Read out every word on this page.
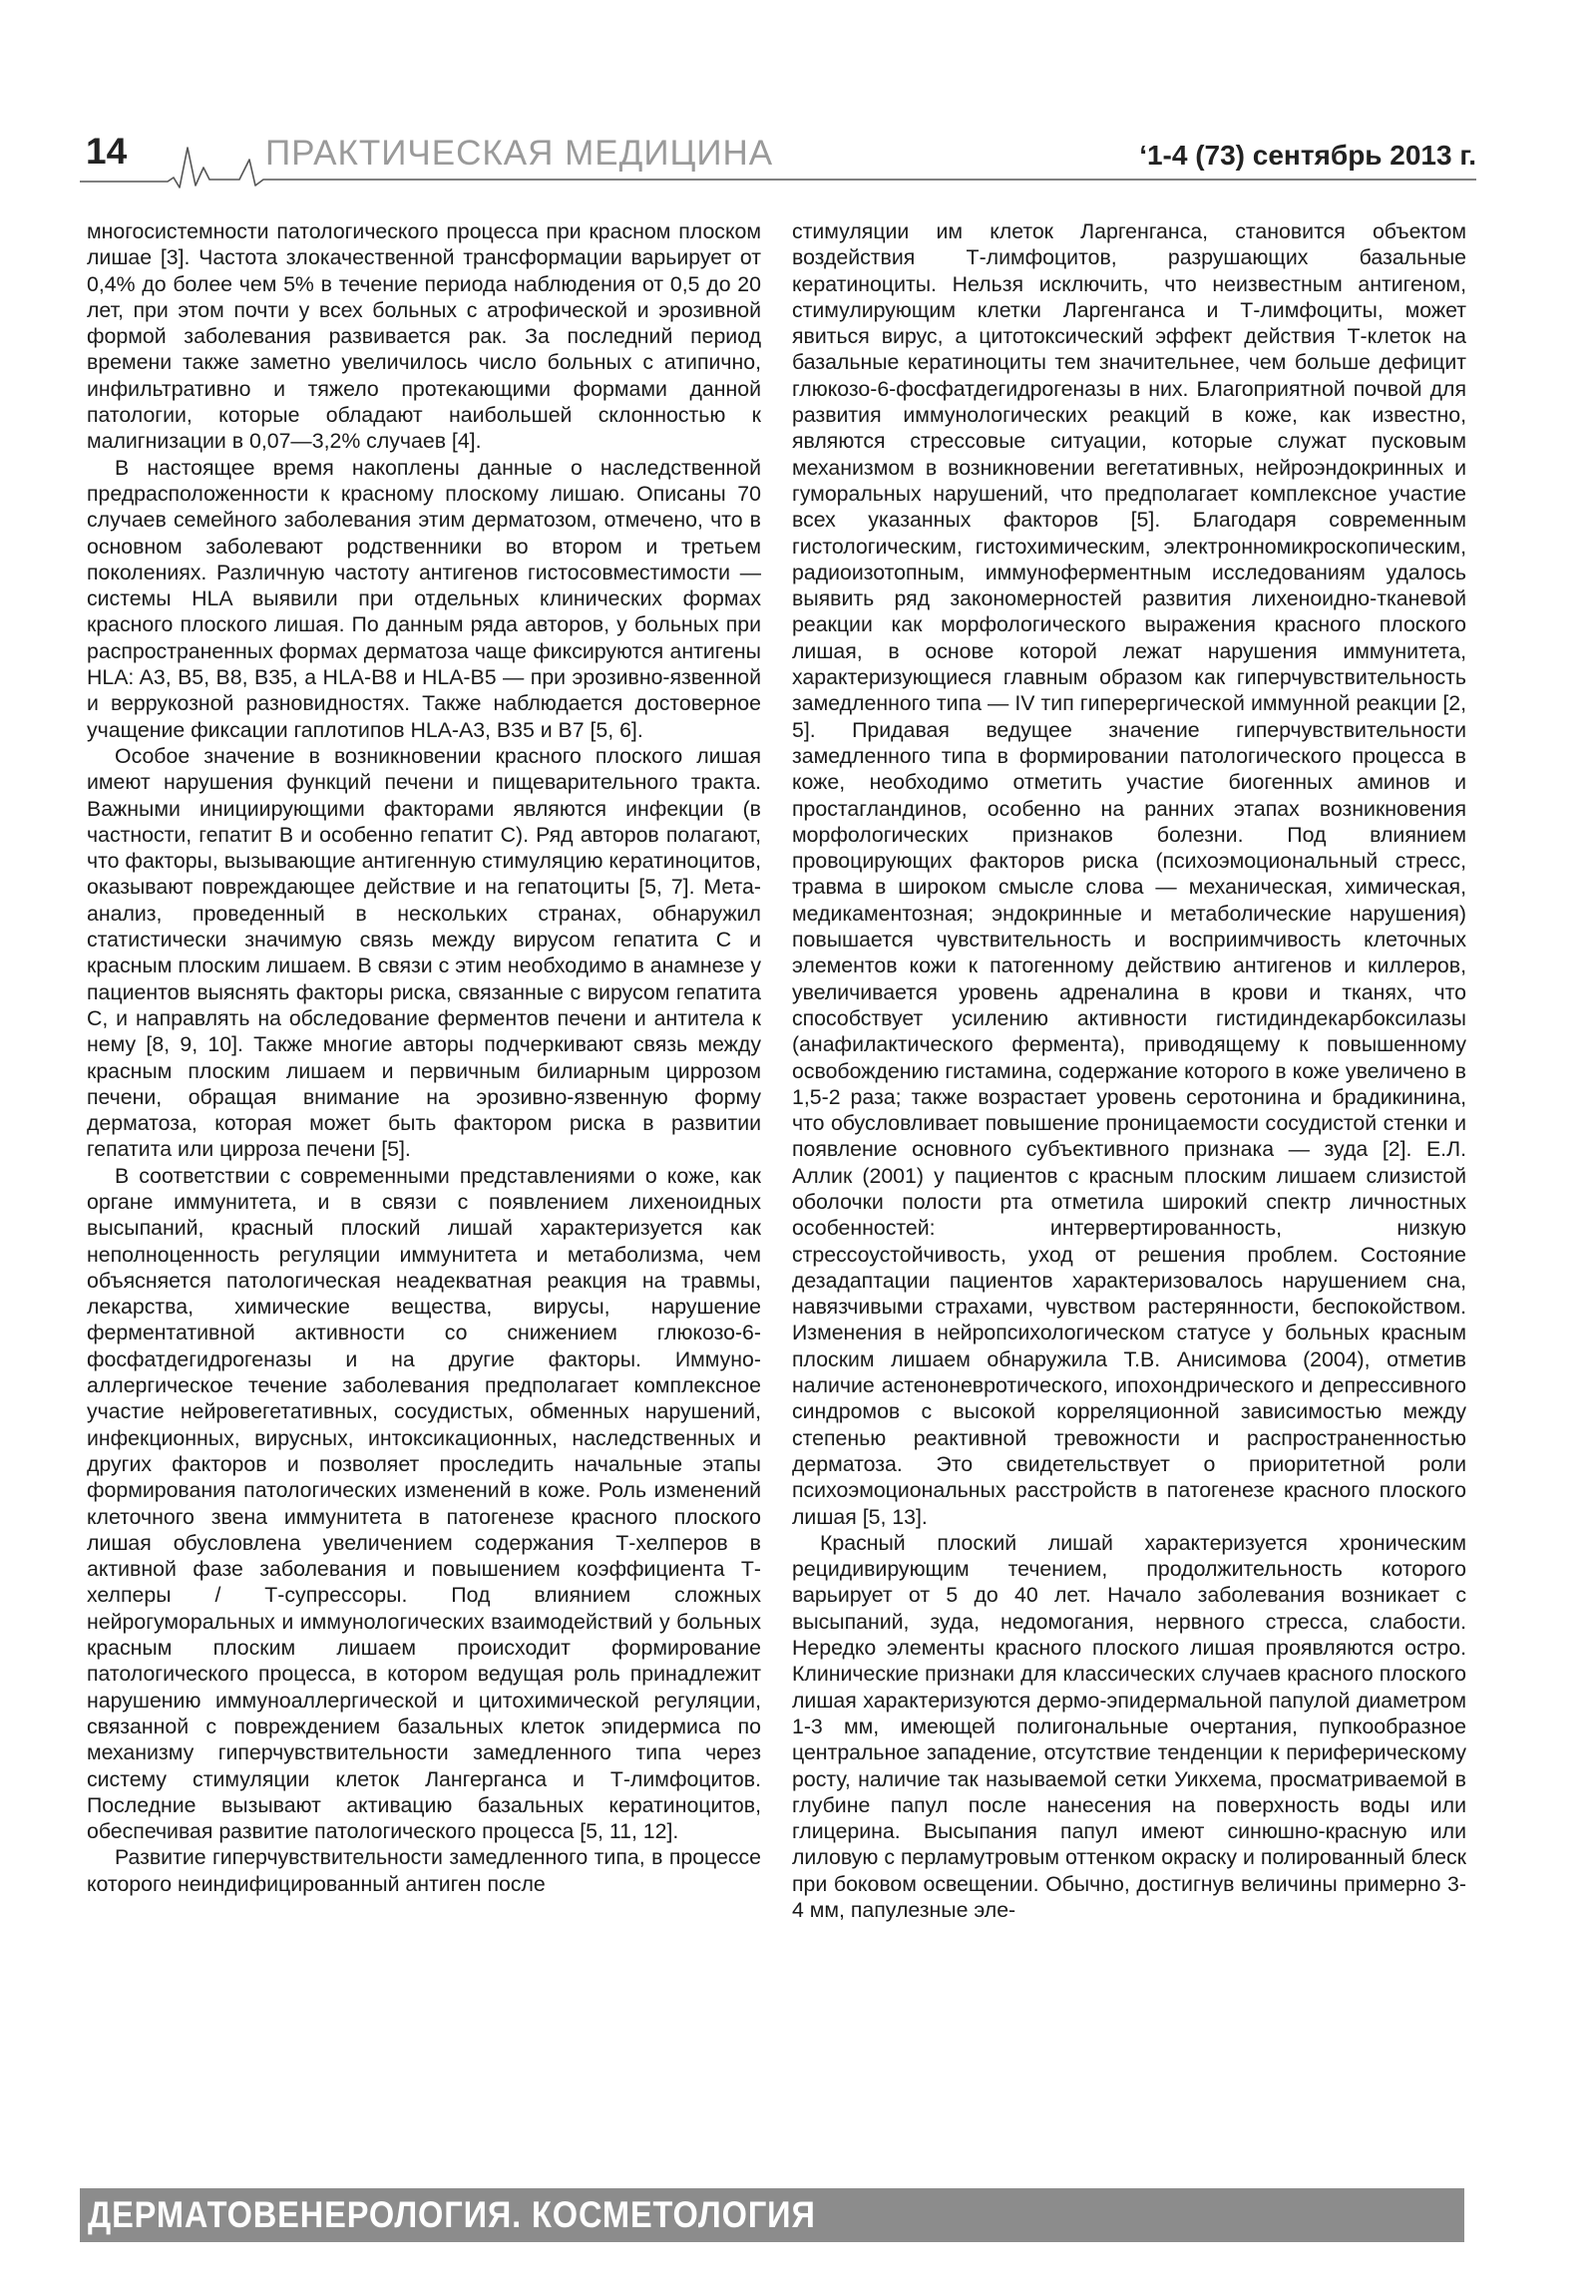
14	ПРАКТИЧЕСКАЯ МЕДИЦИНА	‘1-4 (73) сентябрь 2013 г.

многосистемности патологического процесса при красном плоском лишае [3]. Частота злокачественной трансформации варьирует от 0,4% до более чем 5% в течение периода наблюдения от 0,5 до 20 лет, при этом почти у всех больных с атрофической и эрозивной формой заболевания развивается рак. За последний период времени также заметно увеличилось число больных с атипично, инфильтративно и тяжело протекающими формами данной патологии, которые обладают наибольшей склонностью к малигнизации в 0,07—3,2% случаев [4].

В настоящее время накоплены данные о наследственной предрасположенности к красному плоскому лишаю. Описаны 70 случаев семейного заболевания этим дерматозом, отмечено, что в основном заболевают родственники во втором и третьем поколениях. Различную частоту антигенов гистосовместимости — системы HLA выявили при отдельных клинических формах красного плоского лишая. По данным ряда авторов, у больных при распространенных формах дерматоза чаще фиксируются антигены HLA: A3, B5, B8, B35, а HLA-B8 и HLA-B5 — при эрозивно-язвенной и веррукозной разновидностях. Также наблюдается достоверное учащение фиксации гаплотипов HLA-A3, B35 и B7 [5, 6].

Особое значение в возникновении красного плоского лишая имеют нарушения функций печени и пищеварительного тракта. Важными инициирующими факторами являются инфекции (в частности, гепатит В и особенно гепатит С). Ряд авторов полагают, что факторы, вызывающие антигенную стимуляцию кератиноцитов, оказывают повреждающее действие и на гепатоциты [5, 7]. Мета-анализ, проведенный в нескольких странах, обнаружил статистически значимую связь между вирусом гепатита С и красным плоским лишаем. В связи с этим необходимо в анамнезе у пациентов выяснять факторы риска, связанные с вирусом гепатита С, и направлять на обследование ферментов печени и антитела к нему [8, 9, 10]. Также многие авторы подчеркивают связь между красным плоским лишаем и первичным билиарным циррозом печени, обращая внимание на эрозивно-язвенную форму дерматоза, которая может быть фактором риска в развитии гепатита или цирроза печени [5].

В соответствии с современными представлениями о коже, как органе иммунитета, и в связи с появлением лихеноидных высыпаний, красный плоский лишай характеризуется как неполноценность регуляции иммунитета и метаболизма, чем объясняется патологическая неадекватная реакция на травмы, лекарства, химические вещества, вирусы, нарушение ферментативной активности со снижением глюкозо-6-фосфатдегидрогеназы и на другие факторы. Иммуно-аллергическое течение заболевания предполагает комплексное участие нейровегетативных, сосудистых, обменных нарушений, инфекционных, вирусных, интоксикационных, наследственных и других факторов и позволяет проследить начальные этапы формирования патологических изменений в коже. Роль изменений клеточного звена иммунитета в патогенезе красного плоского лишая обусловлена увеличением содержания Т-хелперов в активной фазе заболевания и повышением коэффициента Т-хелперы / Т-супрессоры. Под влиянием сложных нейрогуморальных и иммунологических взаимодействий у больных красным плоским лишаем происходит формирование патологического процесса, в котором ведущая роль принадлежит нарушению иммуноаллергической и цитохимической регуляции, связанной с повреждением базальных клеток эпидермиса по механизму гиперчувствительности замедленного типа через систему стимуляции клеток Лангерганса и Т-лимфоцитов. Последние вызывают активацию базальных кератиноцитов, обеспечивая развитие патологического процесса [5, 11, 12].

Развитие гиперчувствительности замедленного типа, в процессе которого неиндифицированный антиген после

стимуляции им клеток Ларгенганса, становится объектом воздействия Т-лимфоцитов, разрушающих базальные кератиноциты. Нельзя исключить, что неизвестным антигеном, стимулирующим клетки Ларгенганса и Т-лимфоциты, может явиться вирус, а цитотоксический эффект действия Т-клеток на базальные кератиноциты тем значительнее, чем больше дефицит глюкозо-6-фосфатдегидрогеназы в них. Благоприятной почвой для развития иммунологических реакций в коже, как известно, являются стрессовые ситуации, которые служат пусковым механизмом в возникновении вегетативных, нейроэндокринных и гуморальных нарушений, что предполагает комплексное участие всех указанных факторов [5]. Благодаря современным гистологическим, гистохимическим, электронномикроскопическим, радиоизотопным, иммуноферментным исследованиям удалось выявить ряд закономерностей развития лихеноидно-тканевой реакции как морфологического выражения красного плоского лишая, в основе которой лежат нарушения иммунитета, характеризующиеся главным образом как гиперчувствительность замедленного типа — IV тип гиперергической иммунной реакции [2, 5]. Придавая ведущее значение гиперчувствительности замедленного типа в формировании патологического процесса в коже, необходимо отметить участие биогенных аминов и простагландинов, особенно на ранних этапах возникновения морфологических признаков болезни. Под влиянием провоцирующих факторов риска (психоэмоциональный стресс, травма в широком смысле слова — механическая, химическая, медикаментозная; эндокринные и метаболические нарушения) повышается чувствительность и восприимчивость клеточных элементов кожи к патогенному действию антигенов и киллеров, увеличивается уровень адреналина в крови и тканях, что способствует усилению активности гистидиндекарбоксилазы (анафилактического фермента), приводящему к повышенному освобождению гистамина, содержание которого в коже увеличено в 1,5-2 раза; также возрастает уровень серотонина и брадикинина, что обусловливает повышение проницаемости сосудистой стенки и появление основного субъективного признака — зуда [2]. Е.Л. Аллик (2001) у пациентов с красным плоским лишаем слизистой оболочки полости рта отметила широкий спектр личностных особенностей: интервертированность, низкую стрессоустойчивость, уход от решения проблем. Состояние дезадаптации пациентов характеризовалось нарушением сна, навязчивыми страхами, чувством растерянности, беспокойством. Изменения в нейропсихологическом статусе у больных красным плоским лишаем обнаружила Т.В. Анисимова (2004), отметив наличие астеноневротического, ипохондрического и депрессивного синдромов с высокой корреляционной зависимостью между степенью реактивной тревожности и распространенностью дерматоза. Это свидетельствует о приоритетной роли психоэмоциональных расстройств в патогенезе красного плоского лишая [5, 13].

Красный плоский лишай характеризуется хроническим рецидивирующим течением, продолжительность которого варьирует от 5 до 40 лет. Начало заболевания возникает с высыпаний, зуда, недомогания, нервного стресса, слабости. Нередко элементы красного плоского лишая проявляются остро. Клинические признаки для классических случаев красного плоского лишая характеризуются дермо-эпидермальной папулой диаметром 1-3 мм, имеющей полигональные очертания, пупкообразное центральное западение, отсутствие тенденции к периферическому росту, наличие так называемой сетки Уикхема, просматриваемой в глубине папул после нанесения на поверхность воды или глицерина. Высыпания папул имеют синюшно-красную или лиловую с перламутровым оттенком окраску и полированный блеск при боковом освещении. Обычно, достигнув величины примерно 3-4 мм, папулезные эле-

ДЕРМАТОВЕНЕРОЛОГИЯ. КОСМЕТОЛОГИЯ
